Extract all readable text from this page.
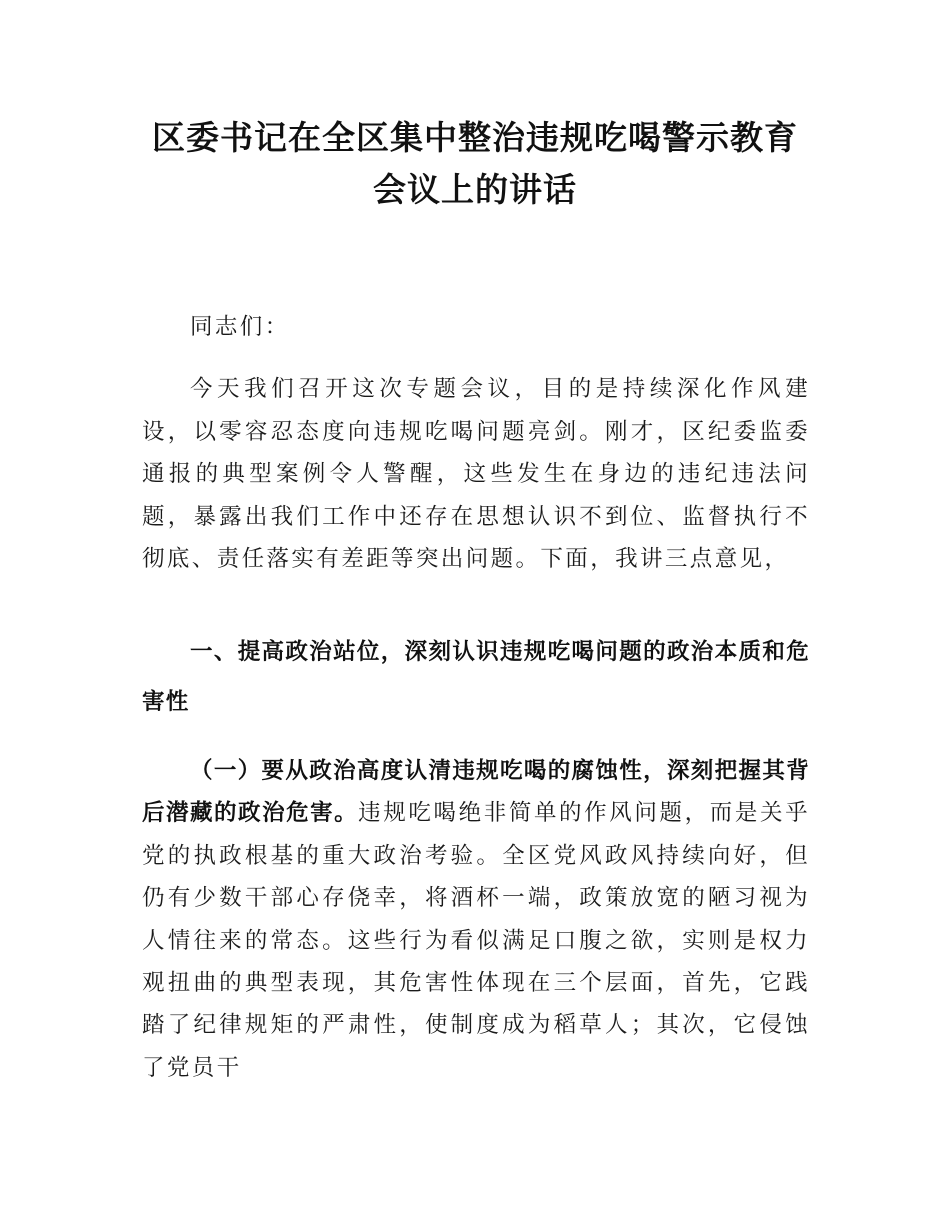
区委书记在全区集中整治违规吃喝警示教育
会议上的讲话

同志们：

今天我们召开这次专题会议，目的是持续深化作风建设，以零容忍态度向违规吃喝问题亮剑。刚才，区纪委监委通报的典型案例令人警醒，这些发生在身边的违纪违法问题，暴露出我们工作中还存在思想认识不到位、监督执行不彻底、责任落实有差距等突出问题。下面，我讲三点意见，

一、提高政治站位，深刻认识违规吃喝问题的政治本质和危害性

（一）要从政治高度认清违规吃喝的腐蚀性，深刻把握其背后潜藏的政治危害。违规吃喝绝非简单的作风问题，而是关乎党的执政根基的重大政治考验。全区党风政风持续向好，但仍有少数干部心存侥幸，将酒杯一端，政策放宽的陋习视为人情往来的常态。这些行为看似满足口腹之欲，实则是权力观扭曲的典型表现，其危害性体现在三个层面，首先，它践踏了纪律规矩的严肃性，使制度成为稻草人；其次，它侵蚀了党员干
